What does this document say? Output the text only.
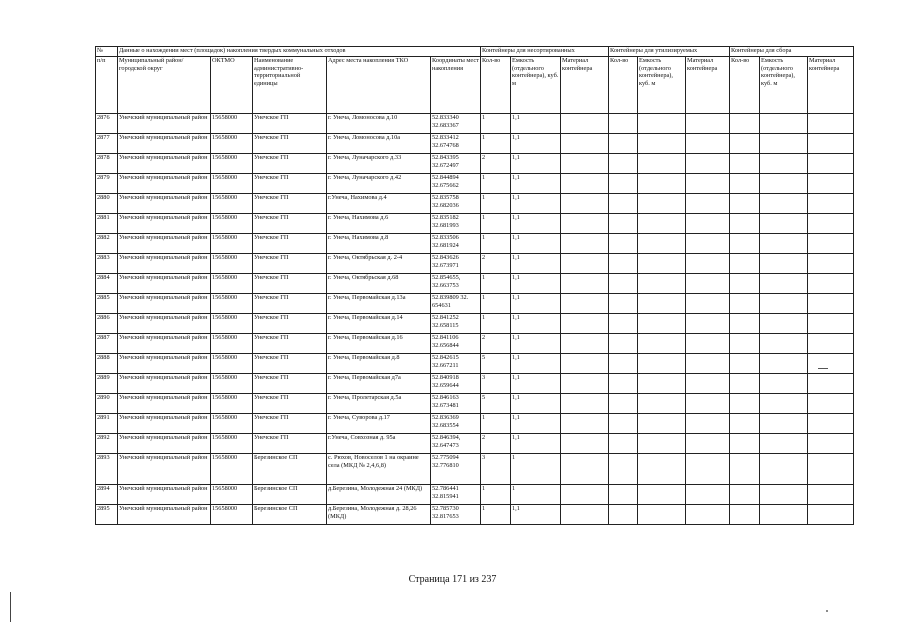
№	Данные о нахождении мест (площадок) накопления твердых коммунальных отходов					Контейнеры для несортированных			Контейнеры для утилизируемых			Контейнеры для сбора		
п/п	Муниципальный район/городской округ	ОКТМО	Наименование административно-территориальной единицы	Адрес места накопления ТКО	Координаты мест накопления	Кол-во	Емкость (отдельного контейнера), куб. м	Материал контейнера	Кол-во	Емкость (отдельного контейнера), куб. м	Материал контейнера	Кол-во	Емкость (отдельного контейнера), куб. м	Материал контейнера
2876	Унечский муниципальный район	15658000	Унечское ГП	г. Унеча, Ломоносова д.10	52.833340 32.683367	1	1,1							
2877	Унечский муниципальный район	15658000	Унечское ГП	г. Унеча, Ломоносова д.10а	52.833412 32.674768	1	1,1							
2878	Унечский муниципальный район	15658000	Унечское ГП	г. Унеча, Луначарского д.33	52.843395 32.672497	2	1,1							
2879	Унечский муниципальный район	15658000	Унечское ГП	г. Унеча, Луначарского д.42	52.844894 32.675662	1	1,1							
2880	Унечский муниципальный район	15658000	Унечское ГП	г.Унеча, Нахимова д.4	52.835758 32.682036	1	1,1							
2881	Унечский муниципальный район	15658000	Унечское ГП	г. Унеча, Нахимова д.6	52.835182 32.681993	1	1,1							
2882	Унечский муниципальный район	15658000	Унечское ГП	г. Унеча, Нахимова д.8	52.833506 32.681924	1	1,1							
2883	Унечский муниципальный район	15658000	Унечское ГП	г. Унеча, Октябрьская д. 2-4	52.843626 32.673971	2	1,1							
2884	Унечский муниципальный район	15658000	Унечское ГП	г. Унеча, Октябрьская д.68	52.854655, 32.663753	1	1,1							
2885	Унечский муниципальный район	15658000	Унечское ГП	г. Унеча, Первомайская д.13а	52.839809 32. 654631	1	1,1							
2886	Унечский муниципальный район	15658000	Унечское ГП	г. Унеча, Первомайская д.14	52.841252 32.658115	1	1,1							
2887	Унечский муниципальный район	15658000	Унечское ГП	г. Унеча, Первомайская д.16	52.841106 32.656844	2	1,1							
2888	Унечский муниципальный район	15658000	Унечское ГП	г. Унеча, Первомайская д.8	52.842615 32.667211	5	1,1							
2889	Унечский муниципальный район	15658000	Унечское ГП	г. Унеча, Первомайская д7а	52.840918 32.659644	3	1,1							
2890	Унечский муниципальный район	15658000	Унечское ГП	г. Унеча, Пролетарская д.5а	52.846163 32.673481	5	1,1							
2891	Унечский муниципальный район	15658000	Унечское ГП	г. Унеча, Суворова д.17	52.836369 32.683554	1	1,1							
2892	Унечский муниципальный район	15658000	Унечское ГП	г.Унеча, Совхозная д. 95а	52.846394, 32.647473	2	1,1							
2893	Унечский муниципальный район	15658000	Березинское СП	с. Рюхов, Новоселов 1 на окраине села (МКД № 2,4,6,8)	52.775094 32.776810	3	1							
2894	Унечский муниципальный район	15658000	Березинское СП	д.Березина, Молодежная 24 (МКД)	52.786441 32.815941	1	1							
2895	Унечский муниципальный район	15658000	Березинское СП	д.Березина, Молодежная д. 28,26 (МКД)	52.785730 32.817653	1	1,1							
Страница 171 из 237
